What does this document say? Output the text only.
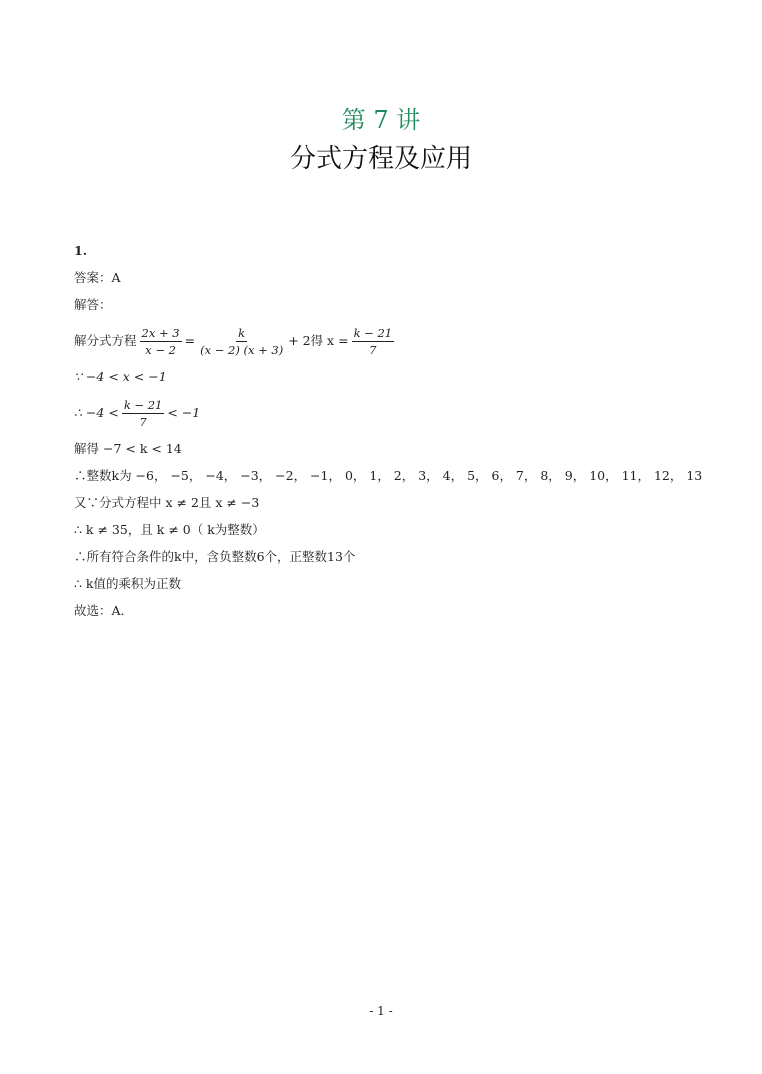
第 7 讲
分式方程及应用
1.
答案：A
解答：
解分式方程 $\frac{2x + 3}{x - 2} = \frac{k}{(x - 2) (x + 3)} + 2$得 $x = \frac{k - 21}{7}$
∵ −4 < x < −1
∴ $-4 < \frac{k - 21}{7} < -1$
解得 −7 < k < 14
∴整数k为 −6， −5， −4， −3， −2， −1， 0， 1， 2， 3， 4， 5， 6， 7， 8， 9， 10， 11， 12， 13
又∵分式方程中 x ≠ 2且 x ≠ −3
∴ k ≠ 35，且 k ≠ 0（ k为整数）
∴所有符合条件的k中，含负整数6个，正整数13个
∴ k值的乘积为正数
故选：A.
- 1 -
